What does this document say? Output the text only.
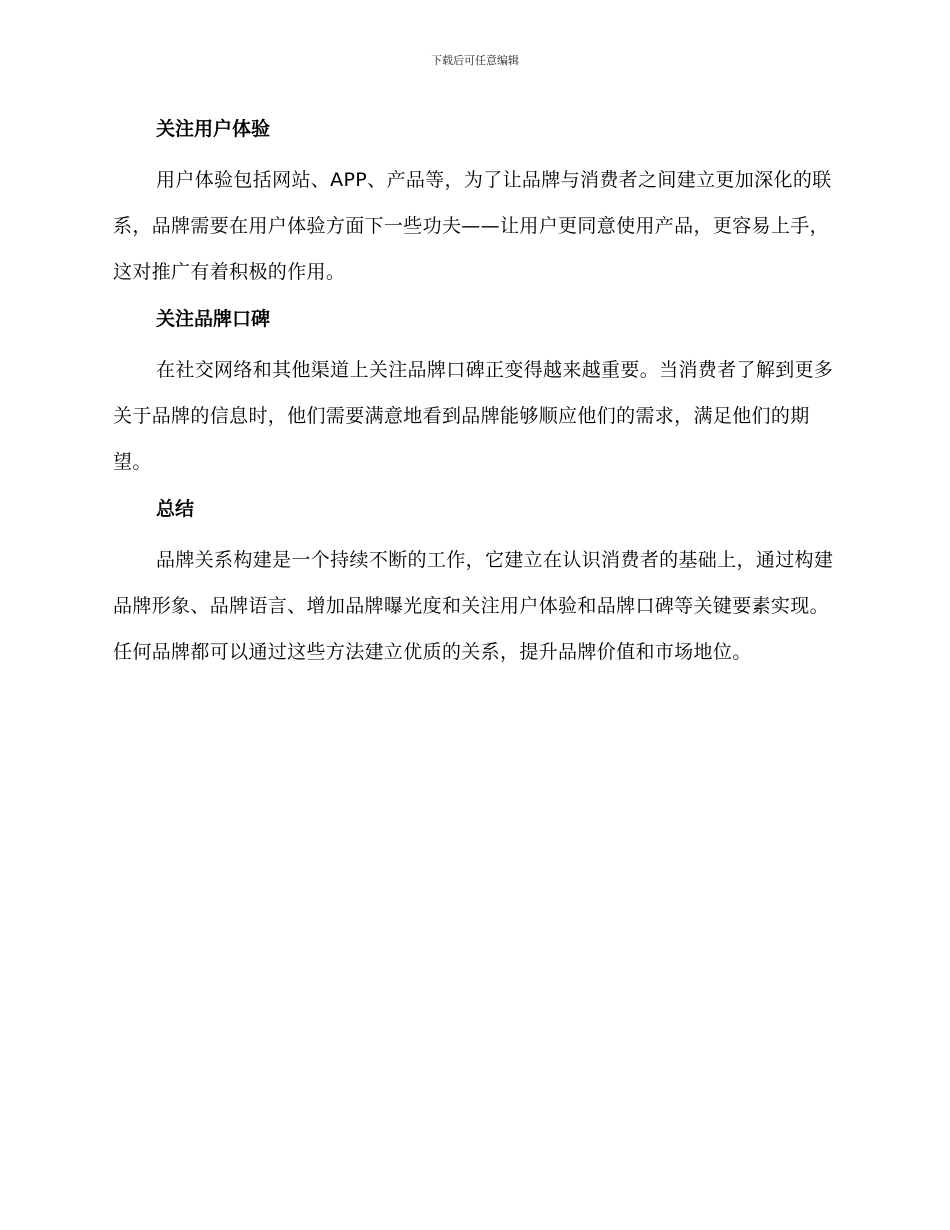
下载后可任意编辑
关注用户体验
用户体验包括网站、APP、产品等，为了让品牌与消费者之间建立更加深化的联系，品牌需要在用户体验方面下一些功夫——让用户更同意使用产品，更容易上手，这对推广有着积极的作用。
关注品牌口碑
在社交网络和其他渠道上关注品牌口碑正变得越来越重要。当消费者了解到更多关于品牌的信息时，他们需要满意地看到品牌能够顺应他们的需求，满足他们的期望。
总结
品牌关系构建是一个持续不断的工作，它建立在认识消费者的基础上，通过构建品牌形象、品牌语言、增加品牌曝光度和关注用户体验和品牌口碑等关键要素实现。任何品牌都可以通过这些方法建立优质的关系，提升品牌价值和市场地位。
